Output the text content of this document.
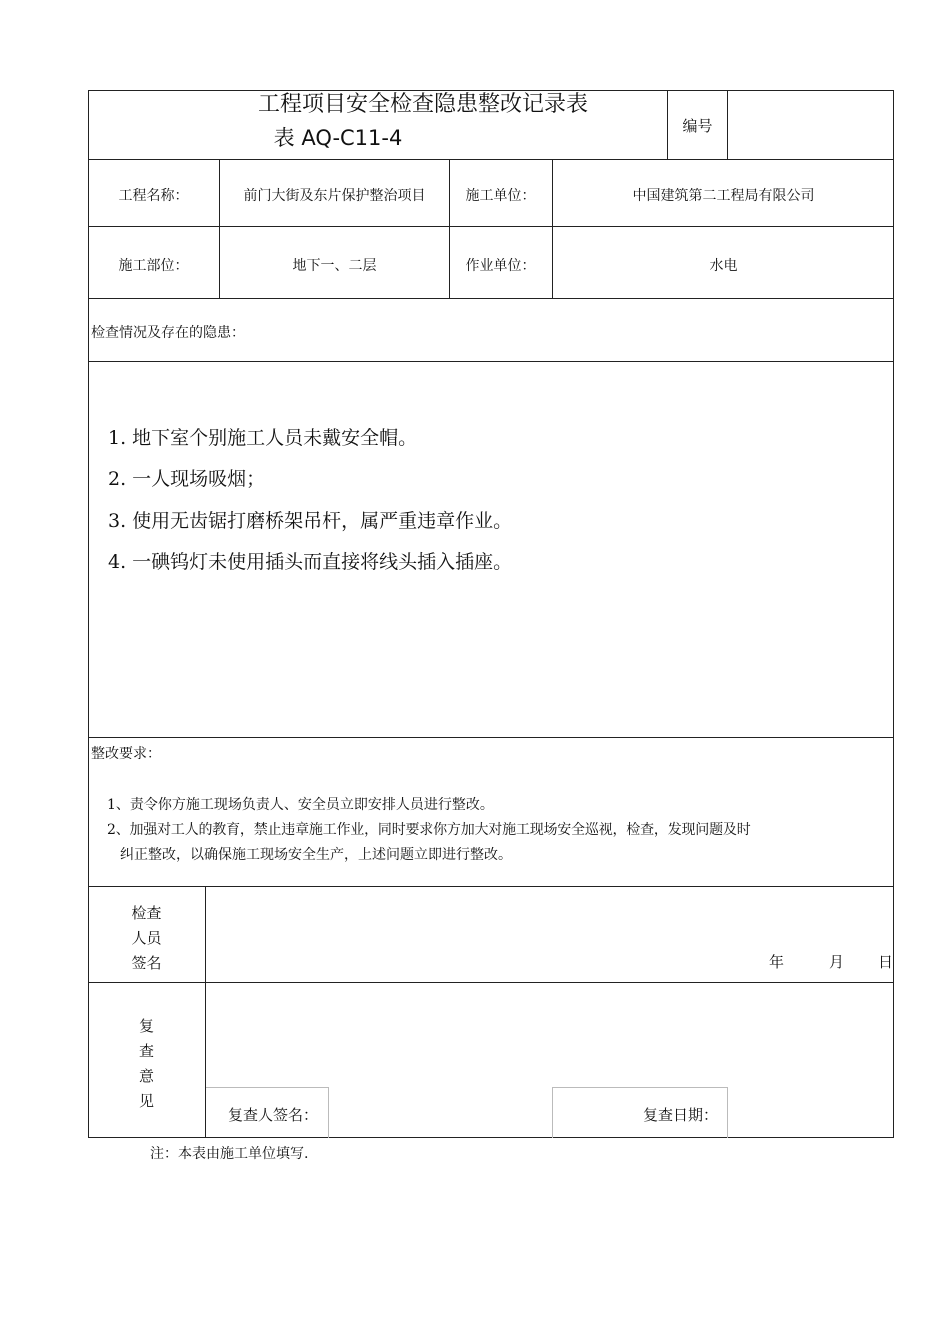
工程项目安全检查隐患整改记录表
表 AQ-C11-4	编号
工程名称：	前门大街及东片保护整治项目	施工单位：	中国建筑第二工程局有限公司
施工部位：	地下一、二层	作业单位：	水电
检查情况及存在的隐患：
1. 地下室个别施工人员未戴安全帽。
2. 一人现场吸烟；
3. 使用无齿锯打磨桥架吊杆，属严重违章作业。
4. 一碘钨灯未使用插头而直接将线头插入插座。
整改要求：
1、责令你方施工现场负责人、安全员立即安排人员进行整改。
2、加强对工人的教育，禁止违章施工作业，同时要求你方加大对施工现场安全巡视，检查，发现问题及时
纠正整改，以确保施工现场安全生产，上述问题立即进行整改。
检查
人员
签名	年	月 日
复
查
意
见
复查人签名：	复查日期：
注：本表由施工单位填写.
